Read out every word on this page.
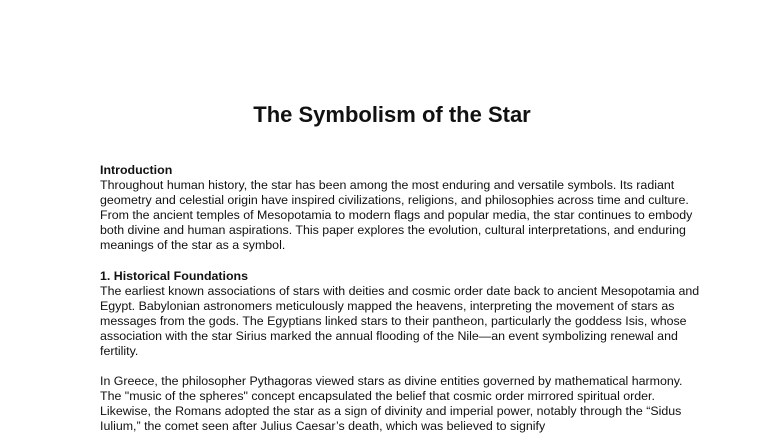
The Symbolism of the Star
Introduction

Throughout human history, the star has been among the most enduring and versatile symbols. Its radiant geometry and celestial origin have inspired civilizations, religions, and philosophies across time and culture. From the ancient temples of Mesopotamia to modern flags and popular media, the star continues to embody both divine and human aspirations. This paper explores the evolution, cultural interpretations, and enduring meanings of the star as a symbol.

1. Historical Foundations

The earliest known associations of stars with deities and cosmic order date back to ancient Mesopotamia and Egypt. Babylonian astronomers meticulously mapped the heavens, interpreting the movement of stars as messages from the gods. The Egyptians linked stars to their pantheon, particularly the goddess Isis, whose association with the star Sirius marked the annual flooding of the Nile—an event symbolizing renewal and fertility.

In Greece, the philosopher Pythagoras viewed stars as divine entities governed by mathematical harmony. The "music of the spheres" concept encapsulated the belief that cosmic order mirrored spiritual order. Likewise, the Romans adopted the star as a sign of divinity and imperial power, notably through the “Sidus Iulium,” the comet seen after Julius Caesar’s death, which was believed to signify
